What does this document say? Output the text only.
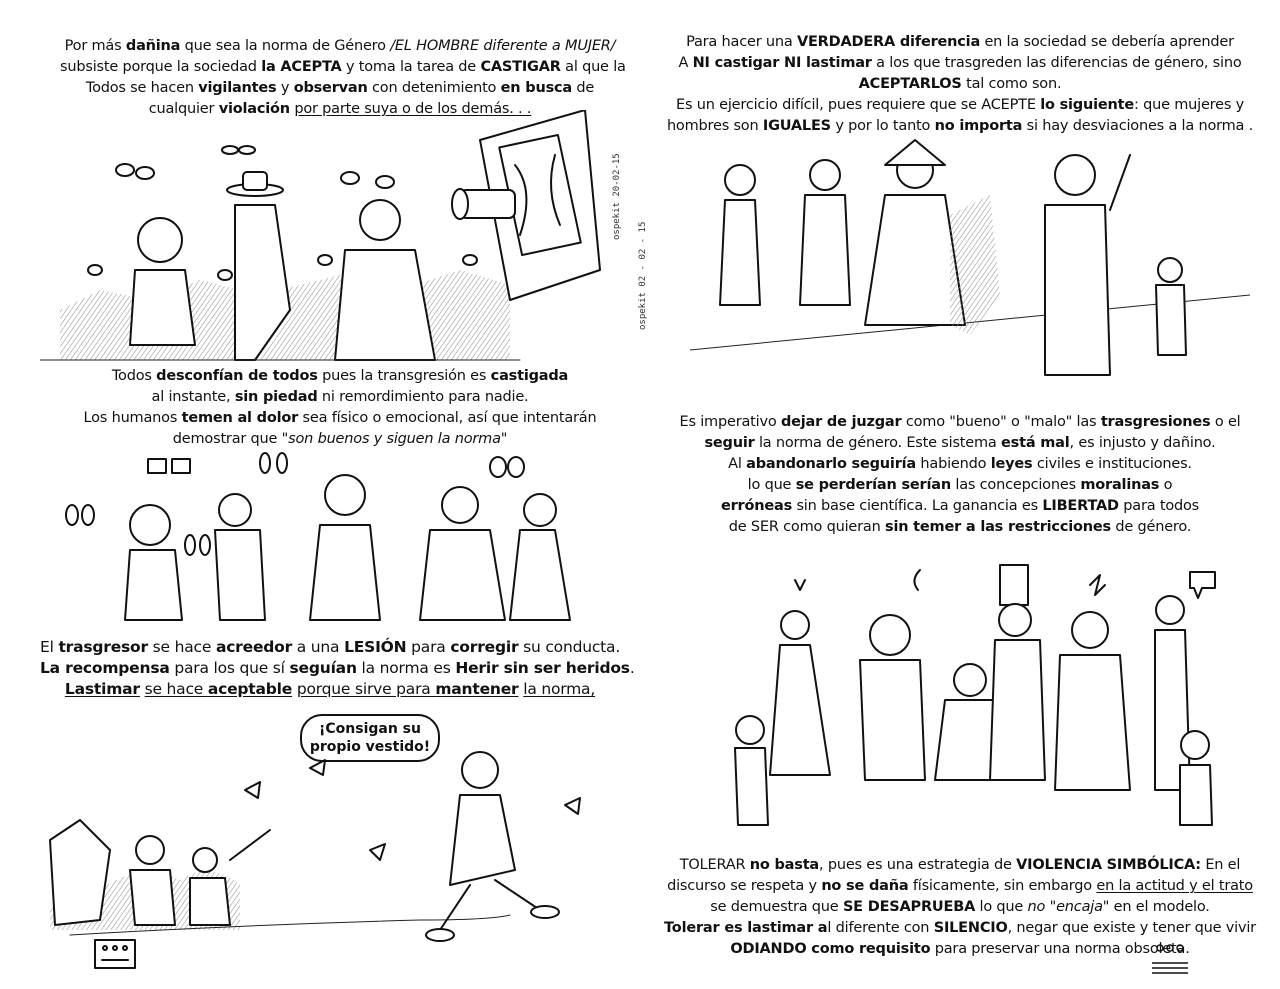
Por más dañina que sea la norma de Género /EL HOMBRE diferente a MUJER/
subsiste porque la sociedad la ACEPTA y toma la tarea de CASTIGAR al que la
Todos se hacen vigilantes y observan con detenimiento en busca de
cualquier violación por parte suya o de los demás. . .
ospekit 20-02-15
ospekit 02 - 02 - 15
Todos desconfían de todos pues la transgresión es castigada
al instante, sin piedad ni remordimiento para nadie.
Los humanos temen al dolor sea físico o emocional, así que intentarán
demostrar que "son buenos y siguen la norma"
El trasgresor se hace acreedor a una LESIÓN para corregir su conducta.
La recompensa para los que sí seguían la norma es Herir sin ser heridos.
Lastimar se hace aceptable porque sirve para mantener la norma,
¡Consigan su
propio vestido!
Para hacer una VERDADERA diferencia en la sociedad se debería aprender
A NI castigar NI lastimar a los que trasgreden las diferencias de género, sino
ACEPTARLOS tal como son.
Es un ejercicio difícil, pues requiere que se ACEPTE lo siguiente: que mujeres y
hombres son IGUALES y por lo tanto no importa si hay desviaciones a la norma .
Es imperativo dejar de juzgar como "bueno" o "malo" las trasgresiones o el
seguir la norma de género. Este sistema está mal, es injusto y dañino.
Al abandonarlo seguiría habiendo leyes civiles e instituciones.
lo que se perderían serían las concepciones moralinas o
erróneas sin base científica. La ganancia es LIBERTAD para todos
de SER como quieran sin temer a las restricciones de género.
TOLERAR no basta, pues es una estrategia de VIOLENCIA SIMBÓLICA: En el
discurso se respeta y no se daña físicamente, sin embargo en la actitud y el trato
se demuestra que SE DESAPRUEBA lo que no "encaja" en el modelo.
Tolerar es lastimar al diferente con SILENCIO, negar que existe y tener que vivir
ODIANDO como requisito para preservar una norma obsoleta.
